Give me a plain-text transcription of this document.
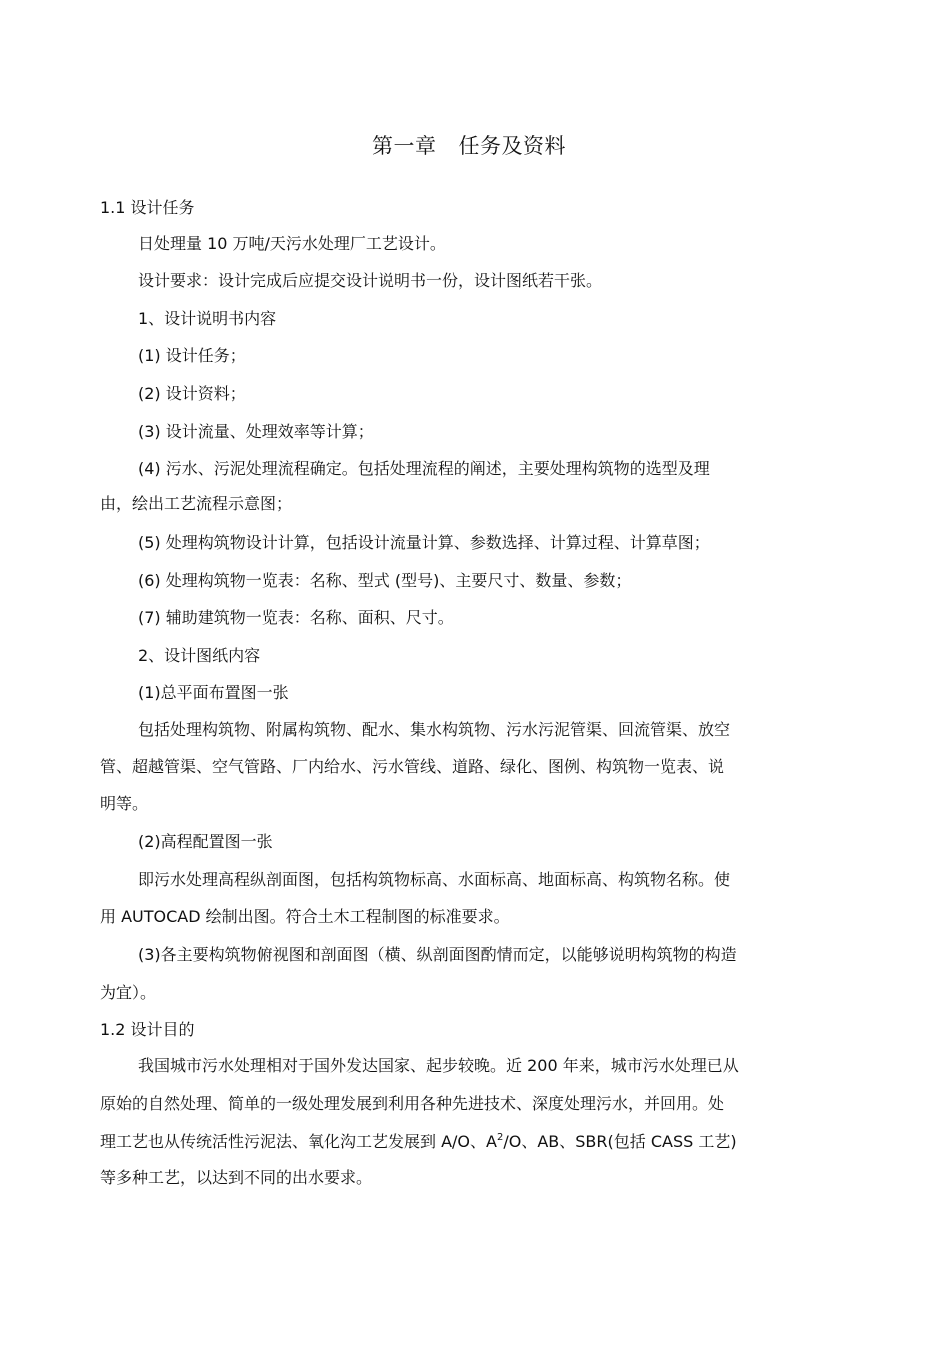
第一章 任务及资料
1.1 设计任务
日处理量 10 万吨/天污水处理厂工艺设计。
设计要求：设计完成后应提交设计说明书一份，设计图纸若干张。
1、设计说明书内容
(1) 设计任务；
(2) 设计资料；
(3) 设计流量、处理效率等计算；
(4) 污水、污泥处理流程确定。包括处理流程的阐述，主要处理构筑物的选型及理
由，绘出工艺流程示意图；
(5) 处理构筑物设计计算，包括设计流量计算、参数选择、计算过程、计算草图；
(6) 处理构筑物一览表：名称、型式 (型号)、主要尺寸、数量、参数；
(7) 辅助建筑物一览表：名称、面积、尺寸。
2、设计图纸内容
(1)总平面布置图一张
包括处理构筑物、附属构筑物、配水、集水构筑物、污水污泥管渠、回流管渠、放空
管、超越管渠、空气管路、厂内给水、污水管线、道路、绿化、图例、构筑物一览表、说
明等。
(2)高程配置图一张
即污水处理高程纵剖面图，包括构筑物标高、水面标高、地面标高、构筑物名称。使
用 AUTOCAD 绘制出图。符合土木工程制图的标准要求。
(3)各主要构筑物俯视图和剖面图（横、纵剖面图酌情而定，以能够说明构筑物的构造
为宜）。
1.2 设计目的
我国城市污水处理相对于国外发达国家、起步较晚。近 200 年来，城市污水处理已从
原始的自然处理、简单的一级处理发展到利用各种先进技术、深度处理污水，并回用。处
理工艺也从传统活性污泥法、氧化沟工艺发展到 A/O、$A^2/O$、AB、SBR(包括 CASS 工艺)
等多种工艺，以达到不同的出水要求。
